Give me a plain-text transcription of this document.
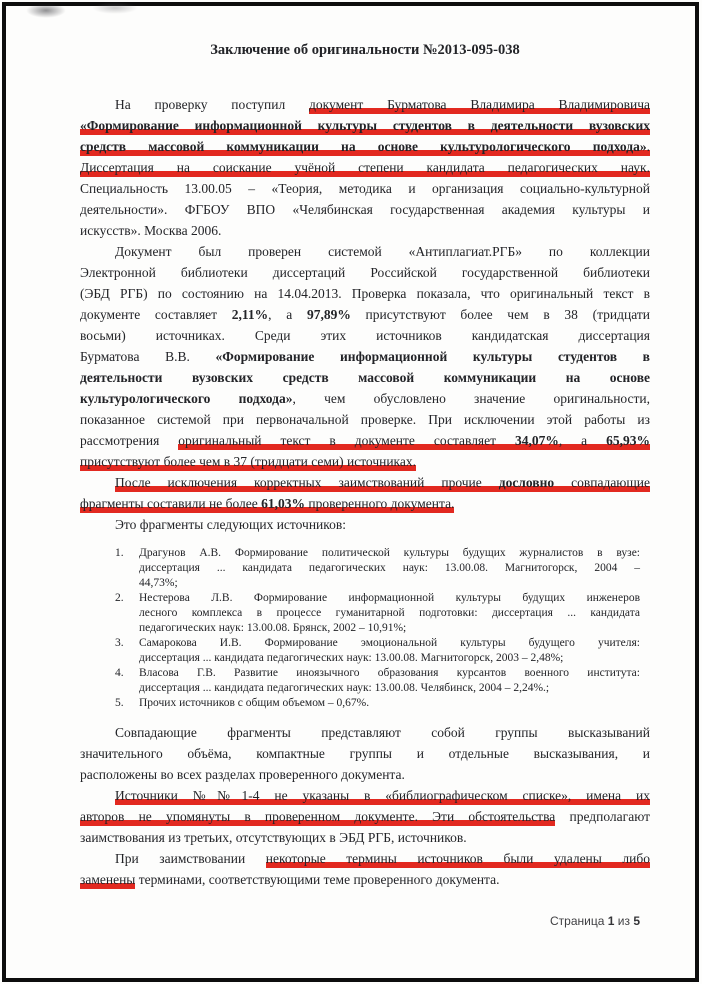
Заключение об оригинальности №2013-095-038
На проверку поступил документ Бурматова Владимира Владимировича
«Формирование информационной культуры студентов в деятельности вузовских
средств массовой коммуникации на основе культурологического подхода».
Диссертация на соискание учёной степени кандидата педагогических наук.
Специальность 13.00.05 – «Теория, методика и организация социально-культурной
деятельности». ФГБОУ ВПО «Челябинская государственная академия культуры и
искусств». Москва 2006.
Документ был проверен системой «Антиплагиат.РГБ» по коллекции
Электронной библиотеки диссертаций Российской государственной библиотеки
(ЭБД РГБ) по состоянию на 14.04.2013. Проверка показала, что оригинальный текст в
документе составляет 2,11%, а 97,89% присутствуют более чем в 38 (тридцати
восьми) источниках. Среди этих источников кандидатская диссертация
Бурматова В.В. «Формирование информационной культуры студентов в
деятельности вузовских средств массовой коммуникации на основе
культурологического подхода», чем обусловлено значение оригинальности,
показанное системой при первоначальной проверке. При исключении этой работы из
рассмотрения оригинальный текст в документе составляет 34,07%, а 65,93%
присутствуют более чем в 37 (тридцати семи) источниках.
После исключения корректных заимствований прочие дословно совпадающие
фрагменты составили не более 61,03% проверенного документа.
Это фрагменты следующих источников:
1.	Драгунов А.В. Формирование политической культуры будущих журналистов в вузе:
диссертация ... кандидата педагогических наук: 13.00.08. Магнитогорск, 2004 –
44,73%;
2.	Нестерова Л.В. Формирование информационной культуры будущих инженеров
лесного комплекса в процессе гуманитарной подготовки: диссертация ... кандидата
педагогических наук: 13.00.08. Брянск, 2002 – 10,91%;
3.	Самарокова И.В. Формирование эмоциональной культуры будущего учителя:
диссертация ... кандидата педагогических наук: 13.00.08. Магнитогорск, 2003 – 2,48%;
4.	Власова Г.В. Развитие иноязычного образования курсантов военного института:
диссертация ... кандидата педагогических наук: 13.00.08. Челябинск, 2004 – 2,24%.;
5.	Прочих источников с общим объемом – 0,67%.
Совпадающие фрагменты представляют собой группы высказываний
значительного объёма, компактные группы и отдельные высказывания, и
расположены во всех разделах проверенного документа.
Источники №№1-4 не указаны в «библиографическом списке», имена их
авторов не упомянуты в проверенном документе. Эти обстоятельства предполагают
заимствования из третьих, отсутствующих в ЭБД РГБ, источников.
При заимствовании некоторые термины источников были удалены либо
заменены терминами, соответствующими теме проверенного документа.
Страница 1 из 5
